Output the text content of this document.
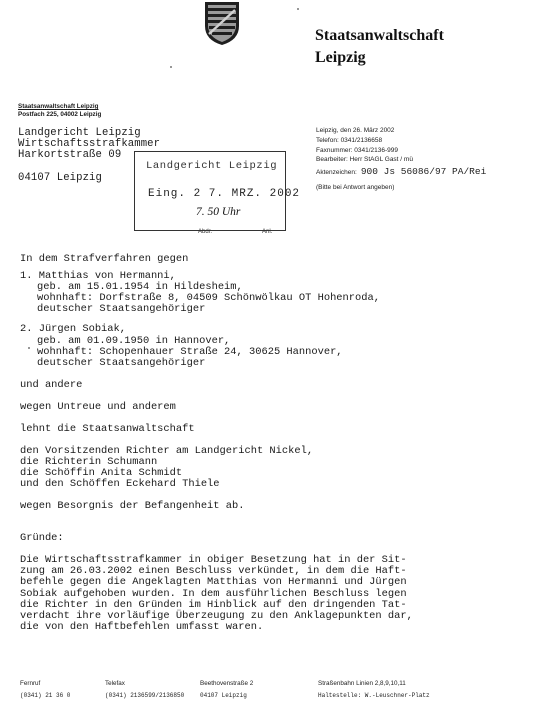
Staatsanwaltschaft
Leipzig
Staatsanwaltschaft Leipzig
Postfach 225, 04002 Leipzig
Landgericht Leipzig
Wirtschaftsstrafkammer
Harkortstraße 09
04107 Leipzig
Leipzig, den 26. März 2002
Telefon: 0341/2136658
Faxnummer: 0341/2136-999
Bearbeiter: Herr StAGL Gast / mü
Aktenzeichen: 900 Js 56086/97 PA/Rei
(Bitte bei Antwort angeben)
Landgericht Leipzig
Eing. 2 7. MRZ. 2002
7. 50 Uhr
Abdr.	Anl.
In dem Strafverfahren gegen
1. Matthias von Hermanni,
geb. am 15.01.1954 in Hildesheim,
wohnhaft: Dorfstraße 8, 04509 Schönwölkau OT Hohenroda,
deutscher Staatsangehöriger
2. Jürgen Sobiak,
geb. am 01.09.1950 in Hannover,
wohnhaft: Schopenhauer Straße 24, 30625 Hannover,
deutscher Staatsangehöriger
und andere
wegen Untreue und anderem
lehnt die Staatsanwaltschaft
den Vorsitzenden Richter am Landgericht Nickel,
die Richterin Schumann
die Schöffin Anita Schmidt
und den Schöffen Eckehard Thiele
wegen Besorgnis der Befangenheit ab.
Gründe:
Die Wirtschaftsstrafkammer in obiger Besetzung hat in der Sit-
zung am 26.03.2002 einen Beschluss verkündet, in dem die Haft-
befehle gegen die Angeklagten Matthias von Hermanni und Jürgen
Sobiak aufgehoben wurden. In dem ausführlichen Beschluss legen
die Richter in den Gründen im Hinblick auf den dringenden Tat-
verdacht ihre vorläufige Überzeugung zu den Anklagepunkten dar,
die von den Haftbefehlen umfasst waren.
Fernruf
(0341) 21 36 0
Telefax
(0341) 2136599/2136850
Beethovenstraße 2
04107 Leipzig
Straßenbahn Linien 2,8,9,10,11
Haltestelle: W.-Leuschner-Platz
